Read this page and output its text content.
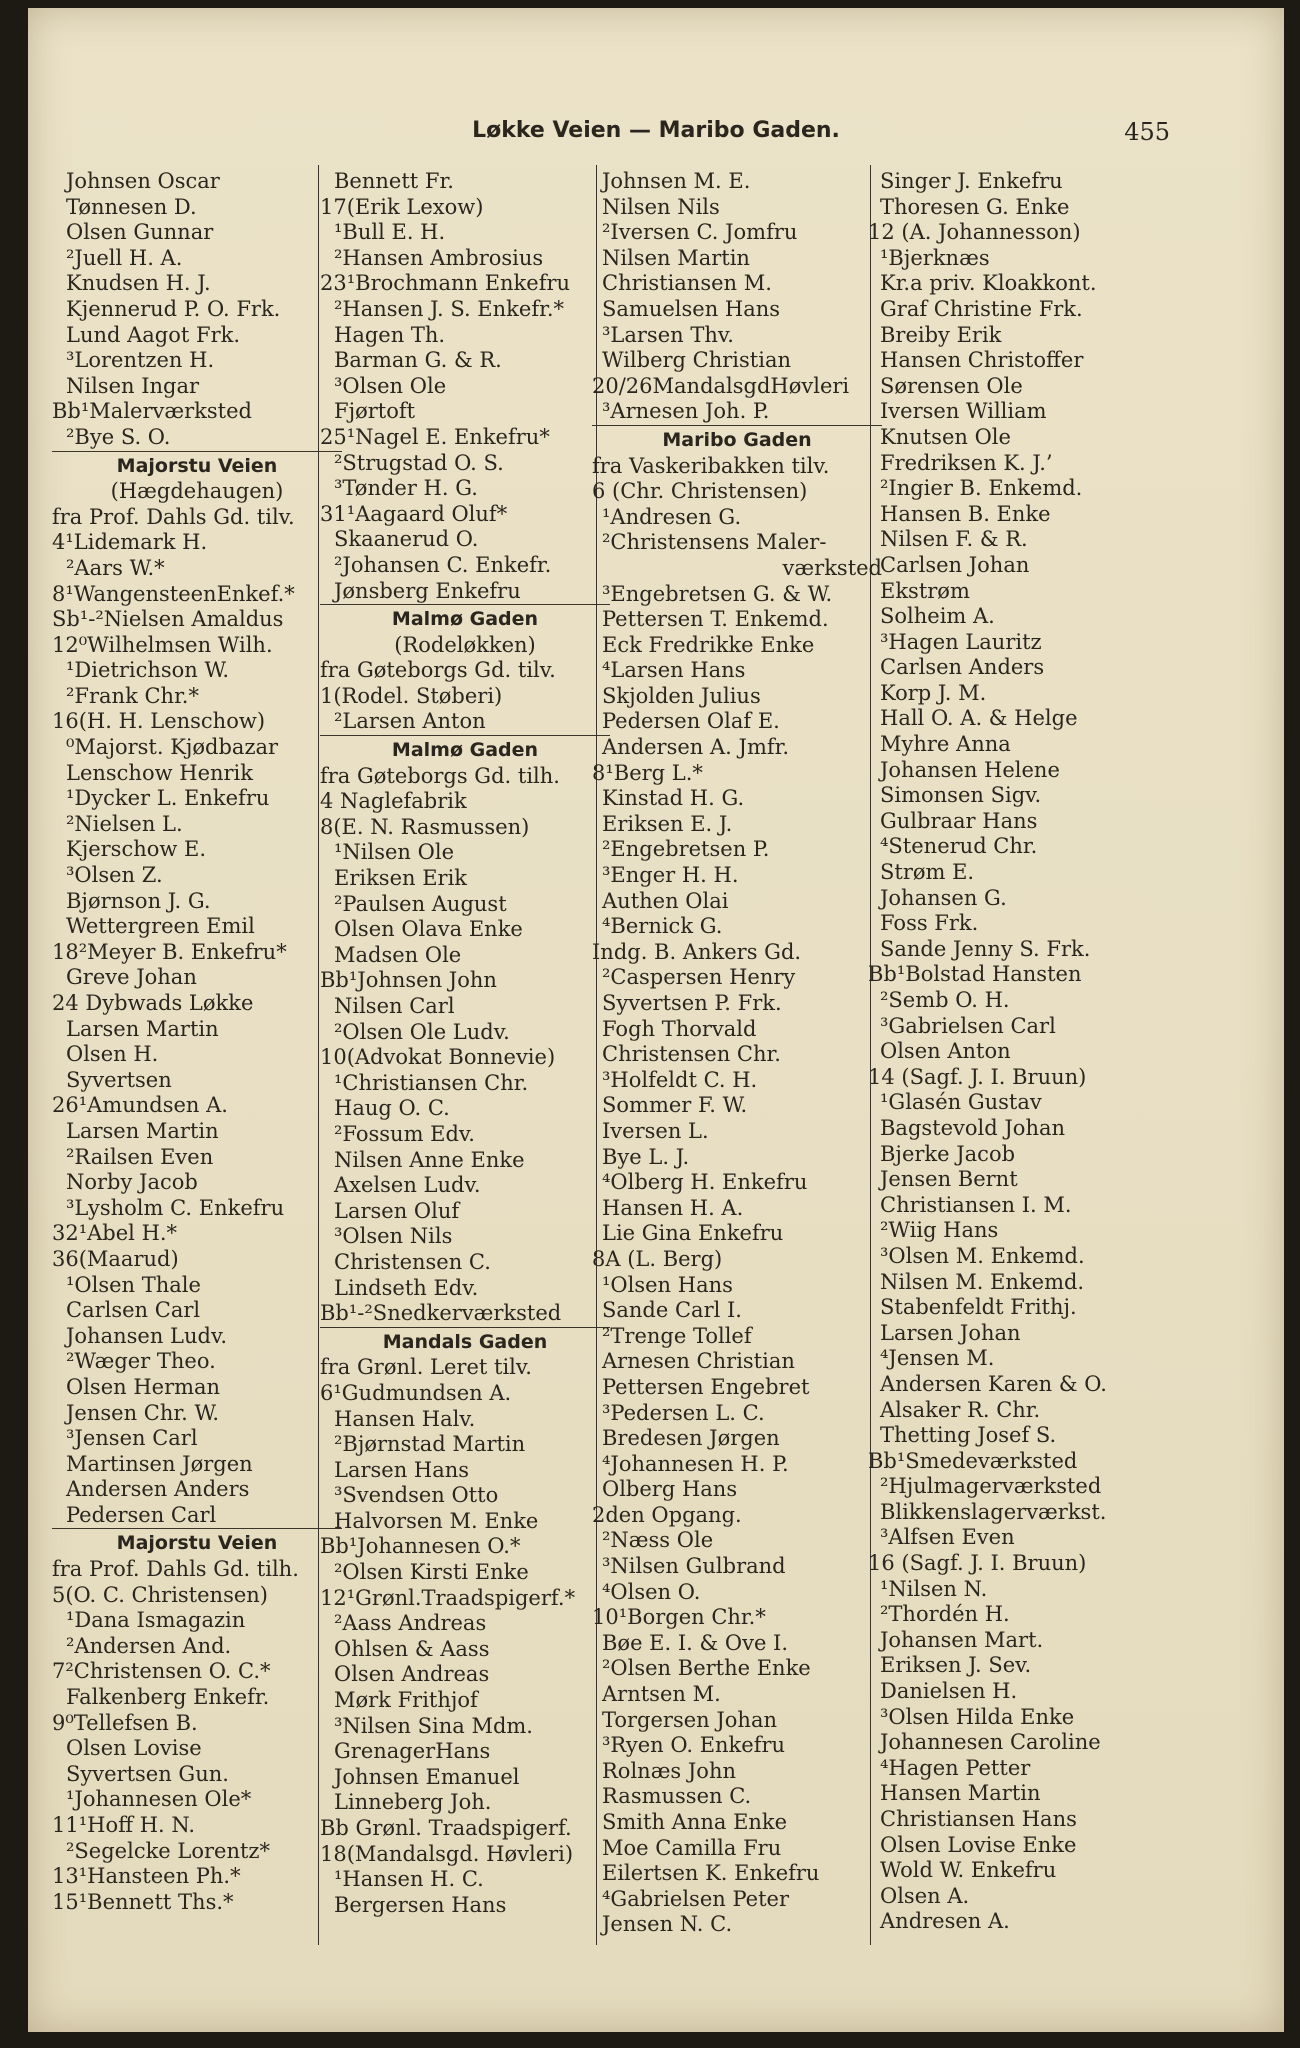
Løkke Veien — Maribo Gaden.	455
Johnsen Oscar
Tønnesen D.
Olsen Gunnar
²Juell H. A.
Knudsen H. J.
Kjennerud P. O. Frk.
Lund Aagot Frk.
³Lorentzen H.
Nilsen Ingar
Bb¹Malerværksted
²Bye S. O.
Majorstu Veien
(Hægdehaugen)
fra Prof. Dahls Gd. tilv.
4¹Lidemark H.
²Aars W.*
8¹WangensteenEnkef.*
Sb¹-²Nielsen Amaldus
12⁰Wilhelmsen Wilh.
¹Dietrichson W.
²Frank Chr.*
16(H. H. Lenschow)
⁰Majorst. Kjødbazar
Lenschow Henrik
¹Dycker L. Enkefru
²Nielsen L.
Kjerschow E.
³Olsen Z.
Bjørnson J. G.
Wettergreen Emil
18²Meyer B. Enkefru*
Greve Johan
24 Dybwads Løkke
Larsen Martin
Olsen H.
Syvertsen
26¹Amundsen A.
Larsen Martin
²Railsen Even
Norby Jacob
³Lysholm C. Enkefru
32¹Abel H.*
36(Maarud)
¹Olsen Thale
Carlsen Carl
Johansen Ludv.
²Wæger Theo.
Olsen Herman
Jensen Chr. W.
³Jensen Carl
Martinsen Jørgen
Andersen Anders
Pedersen Carl
Majorstu Veien
fra Prof. Dahls Gd. tilh.
5(O. C. Christensen)
¹Dana Ismagazin
²Andersen And.
7²Christensen O. C.*
Falkenberg Enkefr.
9⁰Tellefsen B.
Olsen Lovise
Syvertsen Gun.
¹Johannesen Ole*
11¹Hoff H. N.
²Segelcke Lorentz*
13¹Hansteen Ph.*
15¹Bennett Ths.*
Bennett Fr.
17(Erik Lexow)
¹Bull E. H.
²Hansen Ambrosius
23¹Brochmann Enkefru
²Hansen J. S. Enkefr.*
Hagen Th.
Barman G. & R.
³Olsen Ole
Fjørtoft
25¹Nagel E. Enkefru*
²Strugstad O. S.
³Tønder H. G.
31¹Aagaard Oluf*
Skaanerud O.
²Johansen C. Enkefr.
Jønsberg Enkefru
Malmø Gaden
(Rodeløkken)
fra Gøteborgs Gd. tilv.
1(Rodel. Støberi)
²Larsen Anton
Malmø Gaden
fra Gøteborgs Gd. tilh.
4 Naglefabrik
8(E. N. Rasmussen)
¹Nilsen Ole
Eriksen Erik
²Paulsen August
Olsen Olava Enke
Madsen Ole
Bb¹Johnsen John
Nilsen Carl
²Olsen Ole Ludv.
10(Advokat Bonnevie)
¹Christiansen Chr.
Haug O. C.
²Fossum Edv.
Nilsen Anne Enke
Axelsen Ludv.
Larsen Oluf
³Olsen Nils
Christensen C.
Lindseth Edv.
Bb¹-²Snedkerværksted
Mandals Gaden
fra Grønl. Leret tilv.
6¹Gudmundsen A.
Hansen Halv.
²Bjørnstad Martin
Larsen Hans
³Svendsen Otto
Halvorsen M. Enke
Bb¹Johannesen O.*
²Olsen Kirsti Enke
12¹Grønl.Traadspigerf.*
²Aass Andreas
Ohlsen & Aass
Olsen Andreas
Mørk Frithjof
³Nilsen Sina Mdm.
GrenagerHans
Johnsen Emanuel
Linneberg Joh.
Bb Grønl. Traadspigerf.
18(Mandalsgd. Høvleri)
¹Hansen H. C.
Bergersen Hans
Johnsen M. E.
Nilsen Nils
²Iversen C. Jomfru
Nilsen Martin
Christiansen M.
Samuelsen Hans
³Larsen Thv.
Wilberg Christian
20/26MandalsgdHøvleri
³Arnesen Joh. P.
Maribo Gaden
fra Vaskeribakken tilv.
6 (Chr. Christensen)
¹Andresen G.
²Christensens Maler-
værksted
³Engebretsen G. & W.
Pettersen T. Enkemd.
Eck Fredrikke Enke
⁴Larsen Hans
Skjolden Julius
Pedersen Olaf E.
Andersen A. Jmfr.
8¹Berg L.*
Kinstad H. G.
Eriksen E. J.
²Engebretsen P.
³Enger H. H.
Authen Olai
⁴Bernick G.
Indg. B. Ankers Gd.
²Caspersen Henry
Syvertsen P. Frk.
Fogh Thorvald
Christensen Chr.
³Holfeldt C. H.
Sommer F. W.
Iversen L.
Bye L. J.
⁴Olberg H. Enkefru
Hansen H. A.
Lie Gina Enkefru
8A (L. Berg)
¹Olsen Hans
Sande Carl I.
²Trenge Tollef
Arnesen Christian
Pettersen Engebret
³Pedersen L. C.
Bredesen Jørgen
⁴Johannesen H. P.
Olberg Hans
2den Opgang.
²Næss Ole
³Nilsen Gulbrand
⁴Olsen O.
10¹Borgen Chr.*
Bøe E. I. & Ove I.
²Olsen Berthe Enke
Arntsen M.
Torgersen Johan
³Ryen O. Enkefru
Rolnæs John
Rasmussen C.
Smith Anna Enke
Moe Camilla Fru
Eilertsen K. Enkefru
⁴Gabrielsen Peter
Jensen N. C.
Singer J. Enkefru
Thoresen G. Enke
12 (A. Johannesson)
¹Bjerknæs
Kr.a priv. Kloakkont.
Graf Christine Frk.
Breiby Erik
Hansen Christoffer
Sørensen Ole
Iversen William
Knutsen Ole
Fredriksen K. J.’
²Ingier B. Enkemd.
Hansen B. Enke
Nilsen F. & R.
Carlsen Johan
Ekstrøm
Solheim A.
³Hagen Lauritz
Carlsen Anders
Korp J. M.
Hall O. A. & Helge
Myhre Anna
Johansen Helene
Simonsen Sigv.
Gulbraar Hans
⁴Stenerud Chr.
Strøm E.
Johansen G.
Foss Frk.
Sande Jenny S. Frk.
Bb¹Bolstad Hansten
²Semb O. H.
³Gabrielsen Carl
Olsen Anton
14 (Sagf. J. I. Bruun)
¹Glasén Gustav
Bagstevold Johan
Bjerke Jacob
Jensen Bernt
Christiansen I. M.
²Wiig Hans
³Olsen M. Enkemd.
Nilsen M. Enkemd.
Stabenfeldt Frithj.
Larsen Johan
⁴Jensen M.
Andersen Karen & O.
Alsaker R. Chr.
Thetting Josef S.
Bb¹Smedeværksted
²Hjulmagerværksted
Blikkenslagerværkst.
³Alfsen Even
16 (Sagf. J. I. Bruun)
¹Nilsen N.
²Thordén H.
Johansen Mart.
Eriksen J. Sev.
Danielsen H.
³Olsen Hilda Enke
Johannesen Caroline
⁴Hagen Petter
Hansen Martin
Christiansen Hans
Olsen Lovise Enke
Wold W. Enkefru
Olsen A.
Andresen A.
